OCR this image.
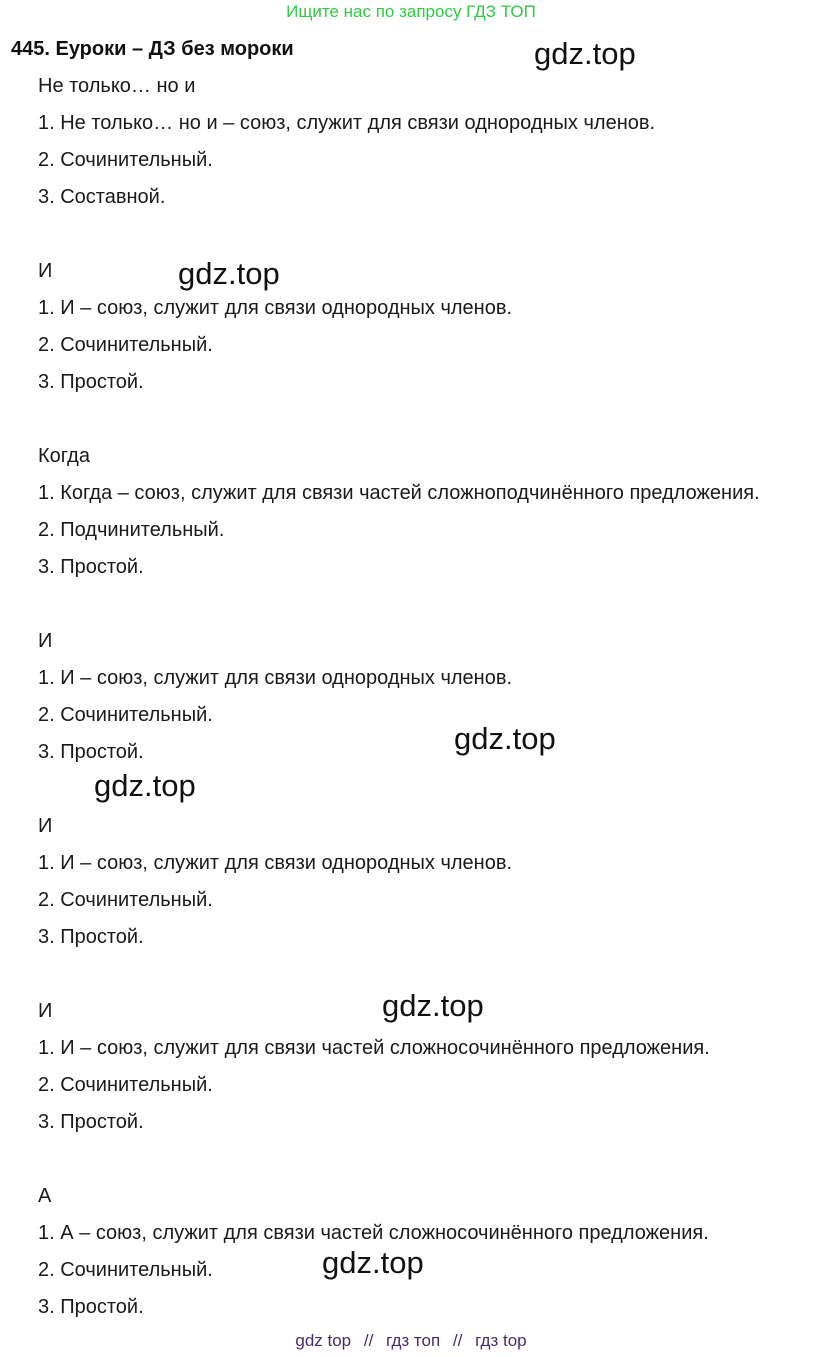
Ищите нас по запросу ГДЗ ТОП
445. Еуроки – ДЗ без мороки

Не только… но и

1. Не только… но и – союз, служит для связи однородных членов.

2. Сочинительный.

3. Составной.

И

1. И – союз, служит для связи однородных членов.

2. Сочинительный.

3. Простой.

Когда

1. Когда – союз, служит для связи частей сложноподчинённого предложения.

2. Подчинительный.

3. Простой.

И

1. И – союз, служит для связи однородных членов.

2. Сочинительный.

3. Простой.

И

1. И – союз, служит для связи однородных членов.

2. Сочинительный.

3. Простой.

И

1. И – союз, служит для связи частей сложносочинённого предложения.

2. Сочинительный.

3. Простой.

А

1. А – союз, служит для связи частей сложносочинённого предложения.

2. Сочинительный.

3. Простой.

gdz.top
gdz.top
gdz.top
gdz.top
gdz.top
gdz.top
gdz top // гдз топ // гдз top
